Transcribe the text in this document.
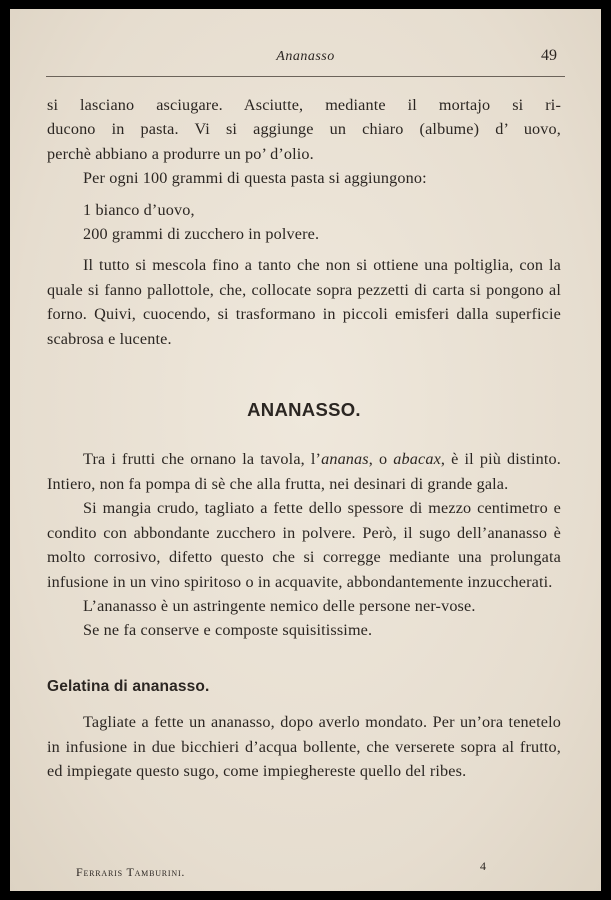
Ananasso	49

si lasciano asciugare. Asciutte, mediante il mortajo si ri-

ducono in pasta. Vi si aggiunge un chiaro (albume) d’ uovo,

perchè abbiano a produrre un po’ d’olio.

Per ogni 100 grammi di questa pasta si aggiungono:

1 bianco d’uovo,

200 grammi di zucchero in polvere.

Il tutto si mescola fino a tanto che non si ottiene una poltiglia, con la quale si fanno pallottole, che, collocate sopra pezzetti di carta si pongono al forno. Quivi, cuocendo, si trasformano in piccoli emisferi dalla superficie scabrosa e lucente.

ANANASSO.

Tra i frutti che ornano la tavola, l’ananas, o abacax, è il più distinto. Intiero, non fa pompa di sè che alla frutta, nei desinari di grande gala.

Si mangia crudo, tagliato a fette dello spessore di mezzo centimetro e condito con abbondante zucchero in polvere. Però, il sugo dell’ananasso è molto corrosivo, difetto questo che si corregge mediante una prolungata infusione in un vino spiritoso o in acquavite, abbondantemente inzuccherati.

L’ananasso è un astringente nemico delle persone ner-vose.

Se ne fa conserve e composte squisitissime.

Gelatina di ananasso.

Tagliate a fette un ananasso, dopo averlo mondato. Per un’ora tenetelo in infusione in due bicchieri d’acqua bollente, che verserete sopra al frutto, ed impiegate questo sugo, come impieghereste quello del ribes.

Ferraris Tamburini.	4
